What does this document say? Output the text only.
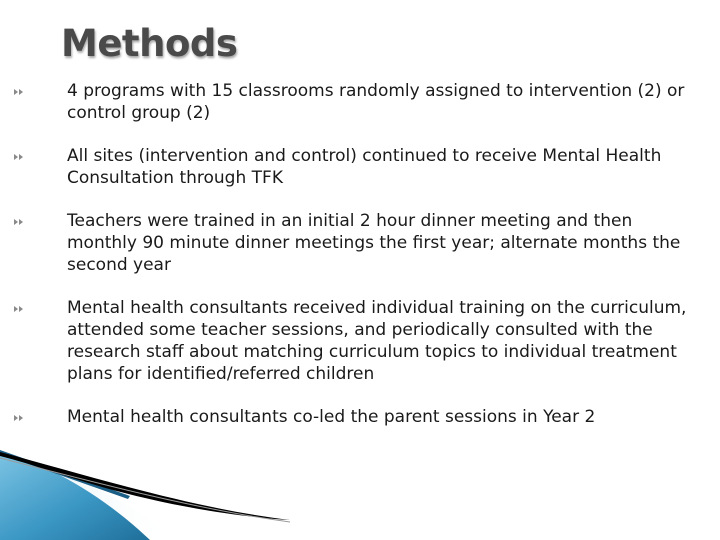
Methods
4 programs with 15 classrooms randomly assigned to intervention (2) or control group (2)
All sites (intervention and control) continued to receive Mental Health Consultation through TFK
Teachers were trained in an initial 2 hour dinner meeting and then monthly 90 minute dinner meetings the first year; alternate months the second year
Mental health consultants received individual training on the curriculum, attended some teacher sessions, and periodically consulted with the research staff about matching curriculum topics to individual treatment plans for identified/referred children
Mental health consultants co-led the parent sessions in Year 2
